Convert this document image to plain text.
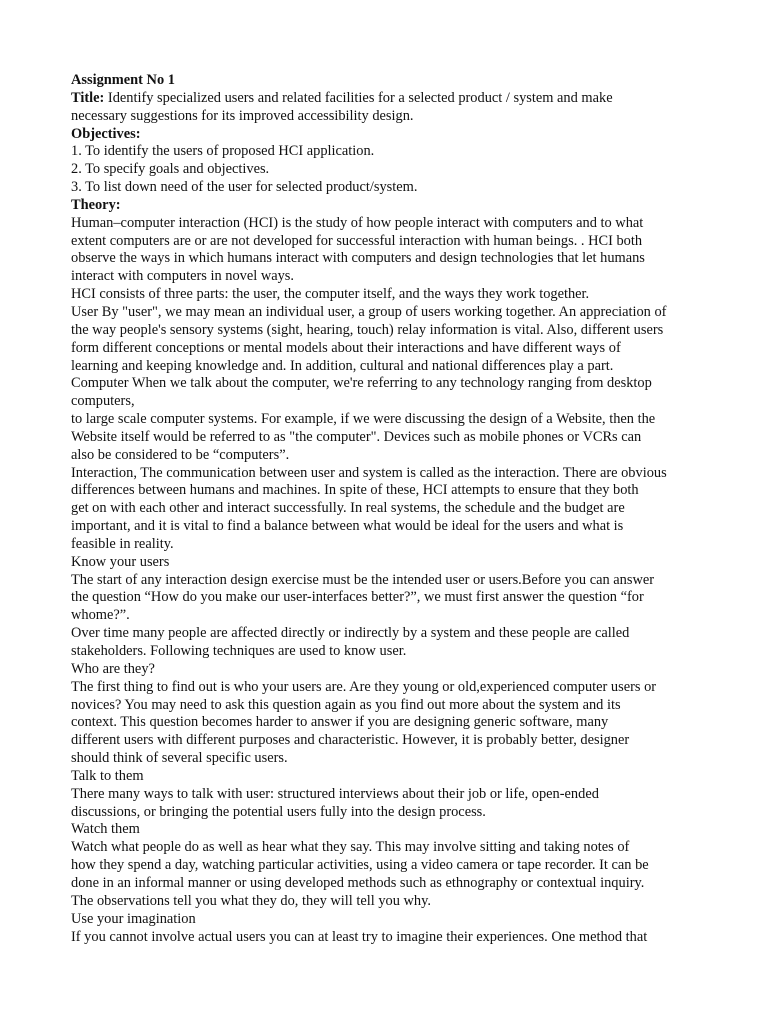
Assignment No 1
Title: Identify specialized users and related facilities for a selected product / system and make
necessary suggestions for its improved accessibility design.
Objectives:
1. To identify the users of proposed HCI application.
2. To specify goals and objectives.
3. To list down need of the user for selected product/system.
Theory:
Human–computer interaction (HCI) is the study of how people interact with computers and to what
extent computers are or are not developed for successful interaction with human beings. . HCI both
observe the ways in which humans interact with computers and design technologies that let humans
interact with computers in novel ways.
HCI consists of three parts: the user, the computer itself, and the ways they work together.
User By "user", we may mean an individual user, a group of users working together. An appreciation of
the way people's sensory systems (sight, hearing, touch) relay information is vital. Also, different users
form different conceptions or mental models about their interactions and have different ways of
learning and keeping knowledge and. In addition, cultural and national differences play a part.
Computer When we talk about the computer, we're referring to any technology ranging from desktop
computers,
to large scale computer systems. For example, if we were discussing the design of a Website, then the
Website itself would be referred to as "the computer". Devices such as mobile phones or VCRs can
also be considered to be “computers”.
Interaction, The communication between user and system is called as the interaction. There are obvious
differences between humans and machines. In spite of these, HCI attempts to ensure that they both
get on with each other and interact successfully. In real systems, the schedule and the budget are
important, and it is vital to find a balance between what would be ideal for the users and what is
feasible in reality.
Know your users
The start of any interaction design exercise must be the intended user or users.Before you can answer
the question “How do you make our user-interfaces better?”, we must first answer the question “for
whome?”.
Over time many people are affected directly or indirectly by a system and these people are called
stakeholders. Following techniques are used to know user.
Who are they?
The first thing to find out is who your users are. Are they young or old,experienced computer users or
novices? You may need to ask this question again as you find out more about the system and its
context. This question becomes harder to answer if you are designing generic software, many
different users with different purposes and characteristic. However, it is probably better, designer
should think of several specific users.
Talk to them
There many ways to talk with user: structured interviews about their job or life, open-ended
discussions, or bringing the potential users fully into the design process.
Watch them
Watch what people do as well as hear what they say. This may involve sitting and taking notes of
how they spend a day, watching particular activities, using a video camera or tape recorder. It can be
done in an informal manner or using developed methods such as ethnography or contextual inquiry.
The observations tell you what they do, they will tell you why.
Use your imagination
If you cannot involve actual users you can at least try to imagine their experiences. One method that
